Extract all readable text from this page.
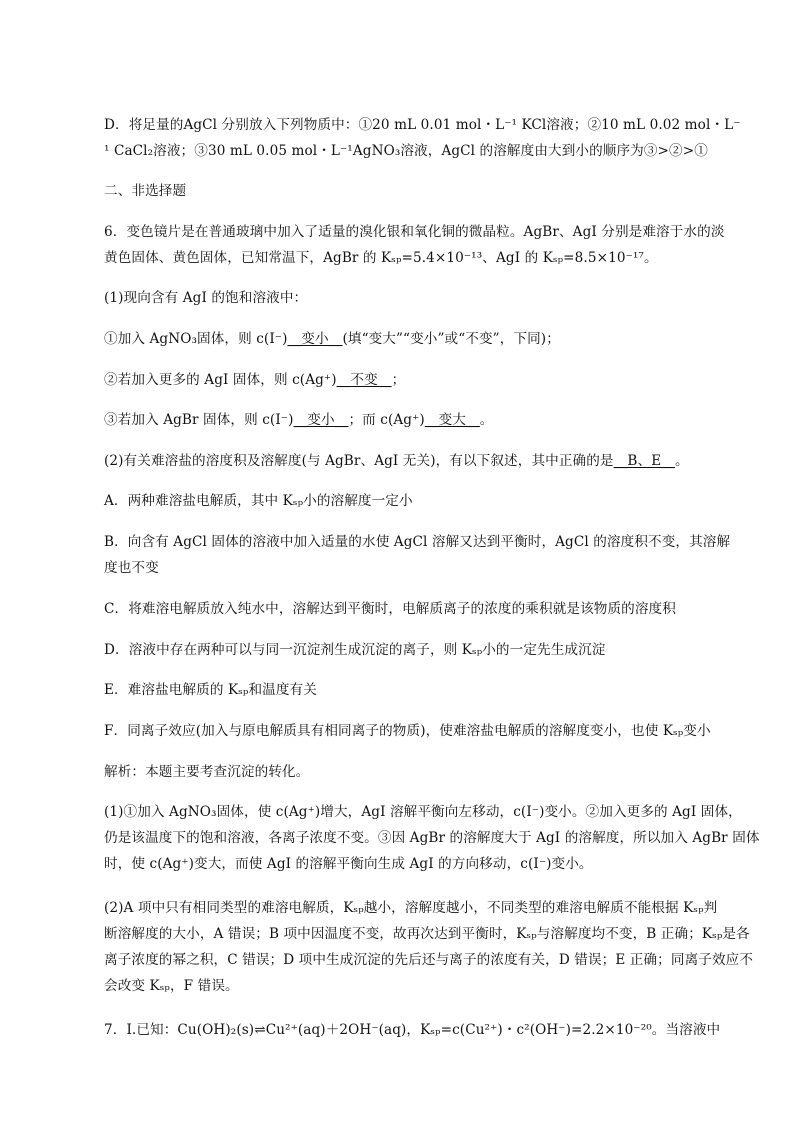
D．将足量的AgCl 分别放入下列物质中：①20 mL 0.01 mol・L⁻¹ KCl溶液；②10 mL 0.02 mol・L⁻
¹ CaCl₂溶液；③30 mL 0.05 mol・L⁻¹AgNO₃溶液，AgCl 的溶解度由大到小的顺序为③>②>①
二、非选择题
6．变色镜片是在普通玻璃中加入了适量的溴化银和氧化铜的微晶粒。AgBr、AgI 分别是难溶于水的淡
黄色固体、黄色固体，已知常温下，AgBr 的 Kₛₚ=5.4×10⁻¹³、AgI 的 Kₛₚ=8.5×10⁻¹⁷。
(1)现向含有 AgI 的饱和溶液中：
①加入 AgNO₃固体，则 c(I⁻)__变小__(填“变大”“变小”或“不变”，下同)；
②若加入更多的 AgI 固体，则 c(Ag⁺)__不变__；
③若加入 AgBr 固体，则 c(I⁻)__变小__；而 c(Ag⁺)__变大__。
(2)有关难溶盐的溶度积及溶解度(与 AgBr、AgI 无关)，有以下叙述，其中正确的是__B、E__。
A．两种难溶盐电解质，其中 Kₛₚ小的溶解度一定小
B．向含有 AgCl 固体的溶液中加入适量的水使 AgCl 溶解又达到平衡时，AgCl 的溶度积不变，其溶解
度也不变
C．将难溶电解质放入纯水中，溶解达到平衡时，电解质离子的浓度的乘积就是该物质的溶度积
D．溶液中存在两种可以与同一沉淀剂生成沉淀的离子，则 Kₛₚ小的一定先生成沉淀
E．难溶盐电解质的 Kₛₚ和温度有关
F．同离子效应(加入与原电解质具有相同离子的物质)，使难溶盐电解质的溶解度变小，也使 Kₛₚ变小
解析：本题主要考查沉淀的转化。
(1)①加入 AgNO₃固体，使 c(Ag⁺)增大，AgI 溶解平衡向左移动，c(I⁻)变小。②加入更多的 AgI 固体，
仍是该温度下的饱和溶液，各离子浓度不变。③因 AgBr 的溶解度大于 AgI 的溶解度，所以加入 AgBr 固体
时，使 c(Ag⁺)变大，而使 AgI 的溶解平衡向生成 AgI 的方向移动，c(I⁻)变小。
(2)A 项中只有相同类型的难溶电解质，Kₛₚ越小，溶解度越小，不同类型的难溶电解质不能根据 Kₛₚ判
断溶解度的大小，A 错误；B 项中因温度不变，故再次达到平衡时，Kₛₚ与溶解度均不变，B 正确；Kₛₚ是各
离子浓度的幂之积，C 错误；D 项中生成沉淀的先后还与离子的浓度有关，D 错误；E 正确；同离子效应不
会改变 Kₛₚ，F 错误。
7．Ⅰ.已知：Cu(OH)₂(s)⇌Cu²⁺(aq)＋2OH⁻(aq)，Kₛₚ=c(Cu²⁺)・c²(OH⁻)=2.2×10⁻²⁰。当溶液中
